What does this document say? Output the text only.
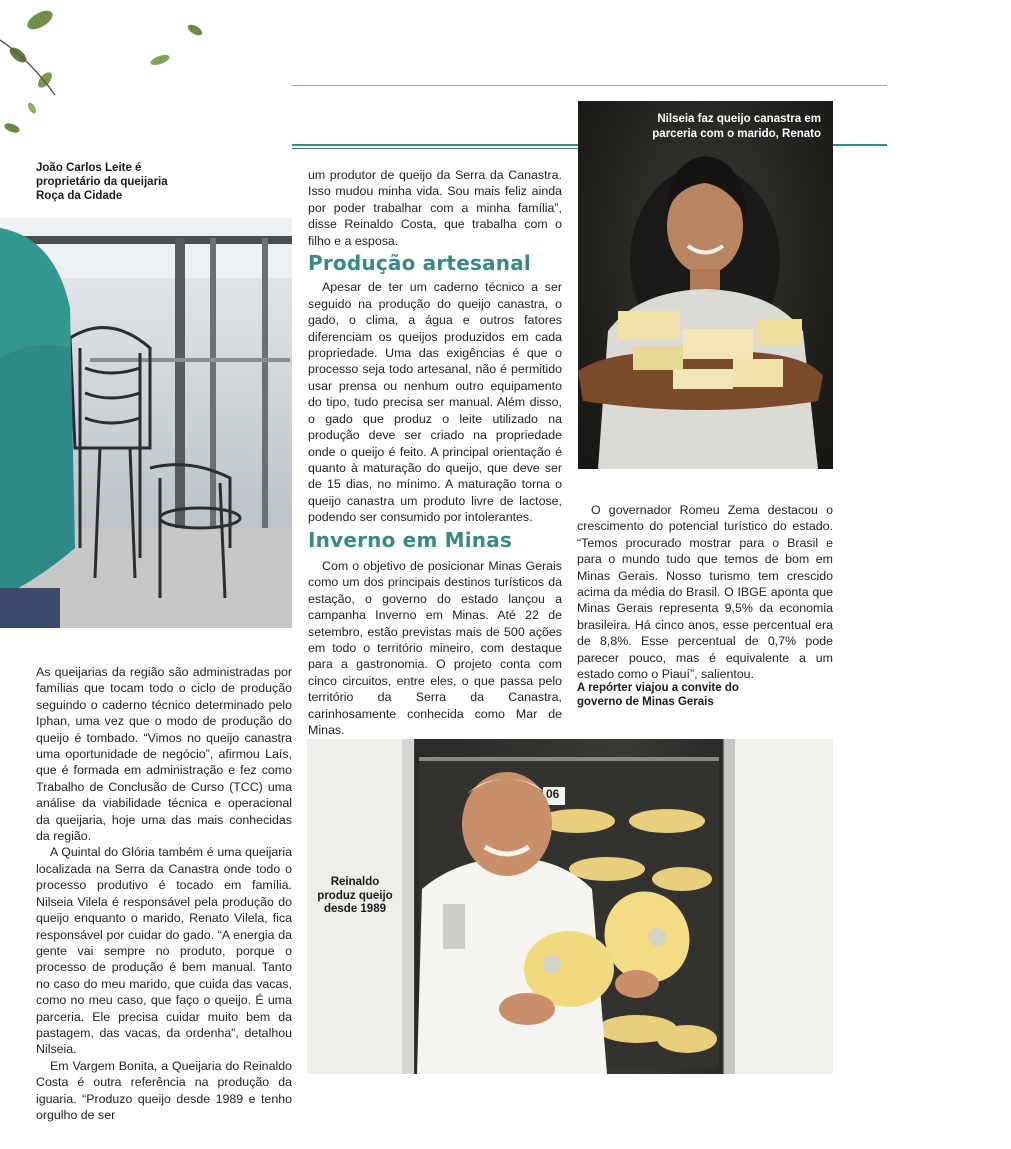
João Carlos Leite é proprietário da queijaria Roça da Cidade
Nilseia faz queijo canastra em parceria com o marido, Renato

As queijarias da região são administradas por famílias que tocam todo o ciclo de produção seguindo o caderno técnico determinado pelo Iphan, uma vez que o modo de produção do queijo é tombado. “Vimos no queijo canastra uma oportunidade de negócio”, afirmou Laís, que é formada em administração e fez como Trabalho de Conclusão de Curso (TCC) uma análise da viabilidade técnica e operacional da queijaria, hoje uma das mais conhecidas da região.

A Quintal do Glória também é uma queijaria localizada na Serra da Canastra onde todo o processo produtivo é tocado em família. Nilseia Vilela é responsável pela produção do queijo enquanto o marido, Renato Vilela, fica responsável por cuidar do gado. “A energia da gente vai sempre no produto, porque o processo de produção é bem manual. Tanto no caso do meu marido, que cuida das vacas, como no meu caso, que faço o queijo. É uma parceria. Ele precisa cuidar muito bem da pastagem, das vacas, da ordenha”, detalhou Nilseia.

Em Vargem Bonita, a Queijaria do Reinaldo Costa é outra referência na produção da iguaria. “Produzo queijo desde 1989 e tenho orgulho de ser

um produtor de queijo da Serra da Canastra. Isso mudou minha vida. Sou mais feliz ainda por poder trabalhar com a minha família”, disse Reinaldo Costa, que trabalha com o filho e a esposa.

Produção artesanal

Apesar de ter um caderno técnico a ser seguido na produção do queijo canastra, o gado, o clima, a água e outros fatores diferenciam os queijos produzidos em cada propriedade. Uma das exigências é que o processo seja todo artesanal, não é permitido usar prensa ou nenhum outro equipamento do tipo, tudo precisa ser manual. Além disso, o gado que produz o leite utilizado na produção deve ser criado na propriedade onde o queijo é feito. A principal orientação é quanto à maturação do queijo, que deve ser de 15 dias, no mínimo. A maturação torna o queijo canastra um produto livre de lactose, podendo ser consumido por intolerantes.

Inverno em Minas

Com o objetivo de posicionar Minas Gerais como um dos principais destinos turísticos da estação, o governo do estado lançou a campanha Inverno em Minas. Até 22 de setembro, estão previstas mais de 500 ações em todo o território mineiro, com destaque para a gastronomia. O projeto conta com cinco circuitos, entre eles, o que passa pelo território da Serra da Canastra, carinhosamente conhecida como Mar de Minas.

O governador Romeu Zema destacou o crescimento do potencial turístico do estado. “Temos procurado mostrar para o Brasil e para o mundo tudo que temos de bom em Minas Gerais. Nosso turismo tem crescido acima da média do Brasil. O IBGE aponta que Minas Gerais representa 9,5% da economia brasileira. Há cinco anos, esse percentual era de 8,8%. Esse percentual de 0,7% pode parecer pouco, mas é equivalente a um estado como o Piauí”, salientou.

A repórter viajou a convite do governo de Minas Gerais
06
Reinaldo produz queijo desde 1989
